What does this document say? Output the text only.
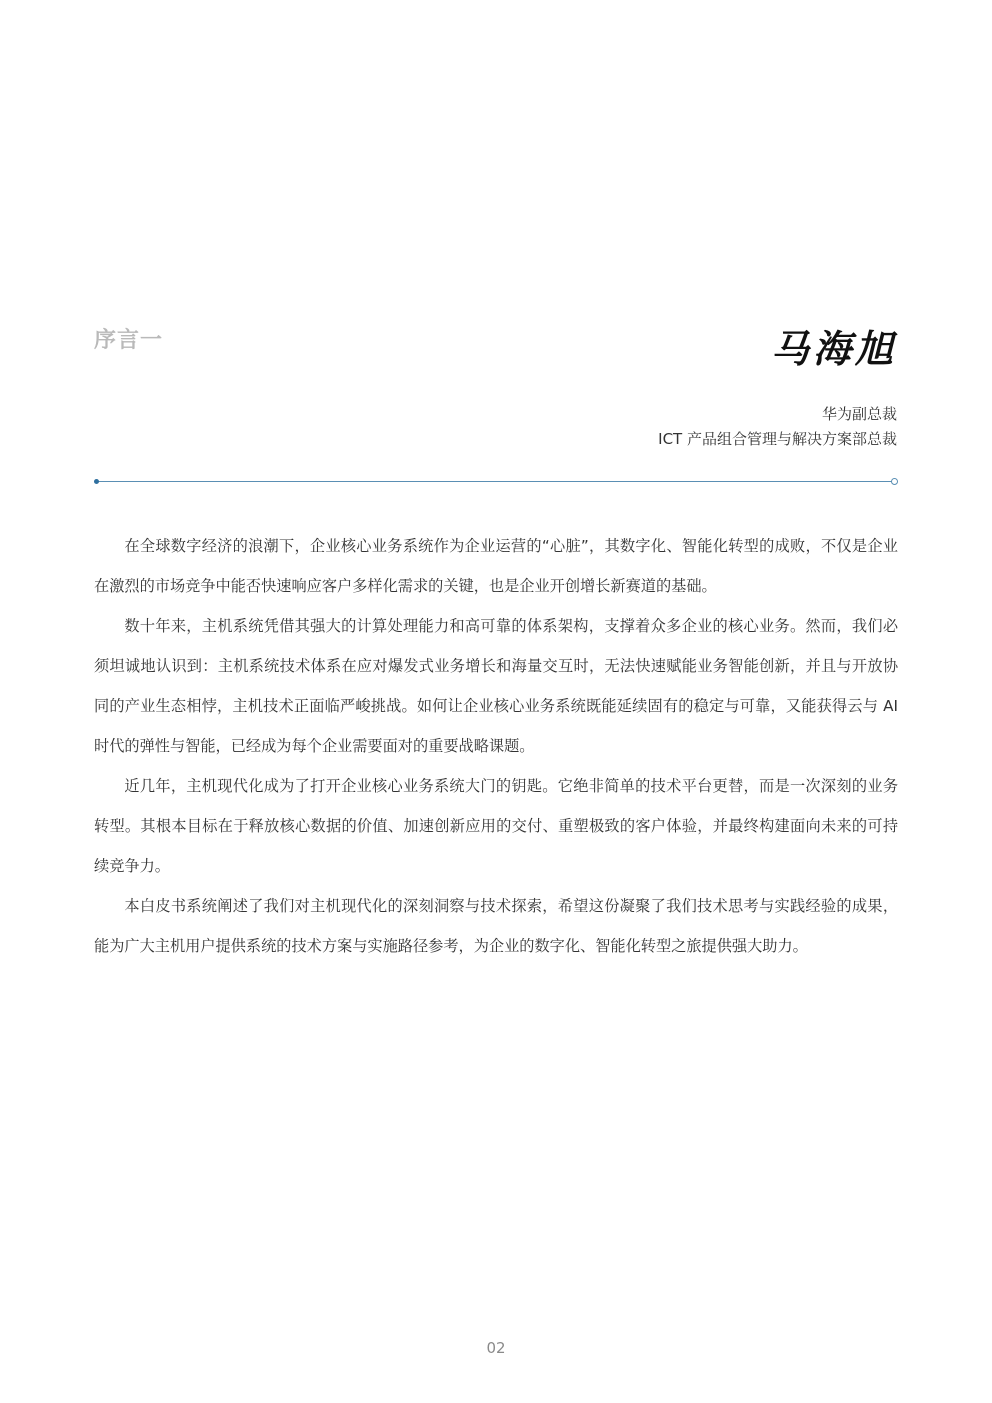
序言一	马海旭
华为副总裁
ICT 产品组合管理与解决方案部总裁

在全球数字经济的浪潮下，企业核心业务系统作为企业运营的“心脏”，其数字化、智能化转型的成败，不仅是企业在激烈的市场竞争中能否快速响应客户多样化需求的关键，也是企业开创增长新赛道的基础。

数十年来，主机系统凭借其强大的计算处理能力和高可靠的体系架构，支撑着众多企业的核心业务。然而，我们必须坦诚地认识到：主机系统技术体系在应对爆发式业务增长和海量交互时，无法快速赋能业务智能创新，并且与开放协同的产业生态相悖，主机技术正面临严峻挑战。如何让企业核心业务系统既能延续固有的稳定与可靠，又能获得云与 AI 时代的弹性与智能，已经成为每个企业需要面对的重要战略课题。

近几年，主机现代化成为了打开企业核心业务系统大门的钥匙。它绝非简单的技术平台更替，而是一次深刻的业务转型。其根本目标在于释放核心数据的价值、加速创新应用的交付、重塑极致的客户体验，并最终构建面向未来的可持续竞争力。

本白皮书系统阐述了我们对主机现代化的深刻洞察与技术探索，希望这份凝聚了我们技术思考与实践经验的成果，能为广大主机用户提供系统的技术方案与实施路径参考，为企业的数字化、智能化转型之旅提供强大助力。

02
